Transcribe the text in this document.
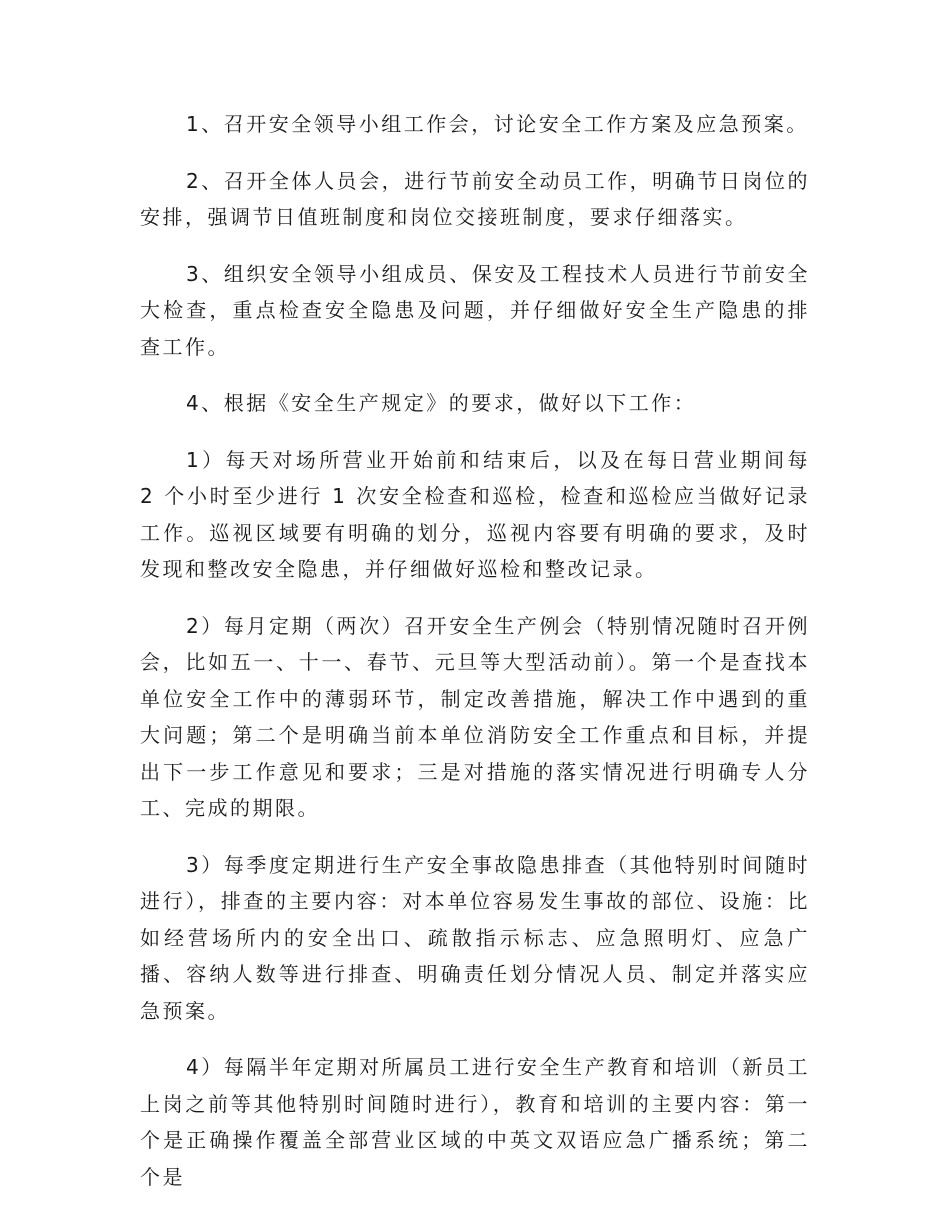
1、召开安全领导小组工作会，讨论安全工作方案及应急预案。

2、召开全体人员会，进行节前安全动员工作，明确节日岗位的安排，强调节日值班制度和岗位交接班制度，要求仔细落实。

3、组织安全领导小组成员、保安及工程技术人员进行节前安全大检查，重点检查安全隐患及问题，并仔细做好安全生产隐患的排查工作。

4、根据《安全生产规定》的要求，做好以下工作：

1）每天对场所营业开始前和结束后，以及在每日营业期间每 2 个小时至少进行 1 次安全检查和巡检，检查和巡检应当做好记录工作。巡视区域要有明确的划分，巡视内容要有明确的要求，及时发现和整改安全隐患，并仔细做好巡检和整改记录。

2）每月定期（两次）召开安全生产例会（特别情况随时召开例会，比如五一、十一、春节、元旦等大型活动前）。第一个是查找本单位安全工作中的薄弱环节，制定改善措施，解决工作中遇到的重大问题；第二个是明确当前本单位消防安全工作重点和目标，并提出下一步工作意见和要求；三是对措施的落实情况进行明确专人分工、完成的期限。

3）每季度定期进行生产安全事故隐患排查（其他特别时间随时进行），排查的主要内容：对本单位容易发生事故的部位、设施：比如经营场所内的安全出口、疏散指示标志、应急照明灯、应急广播、容纳人数等进行排查、明确责任划分情况人员、制定并落实应急预案。

4）每隔半年定期对所属员工进行安全生产教育和培训（新员工上岗之前等其他特别时间随时进行），教育和培训的主要内容：第一个是正确操作覆盖全部营业区域的中英文双语应急广播系统；第二个是
